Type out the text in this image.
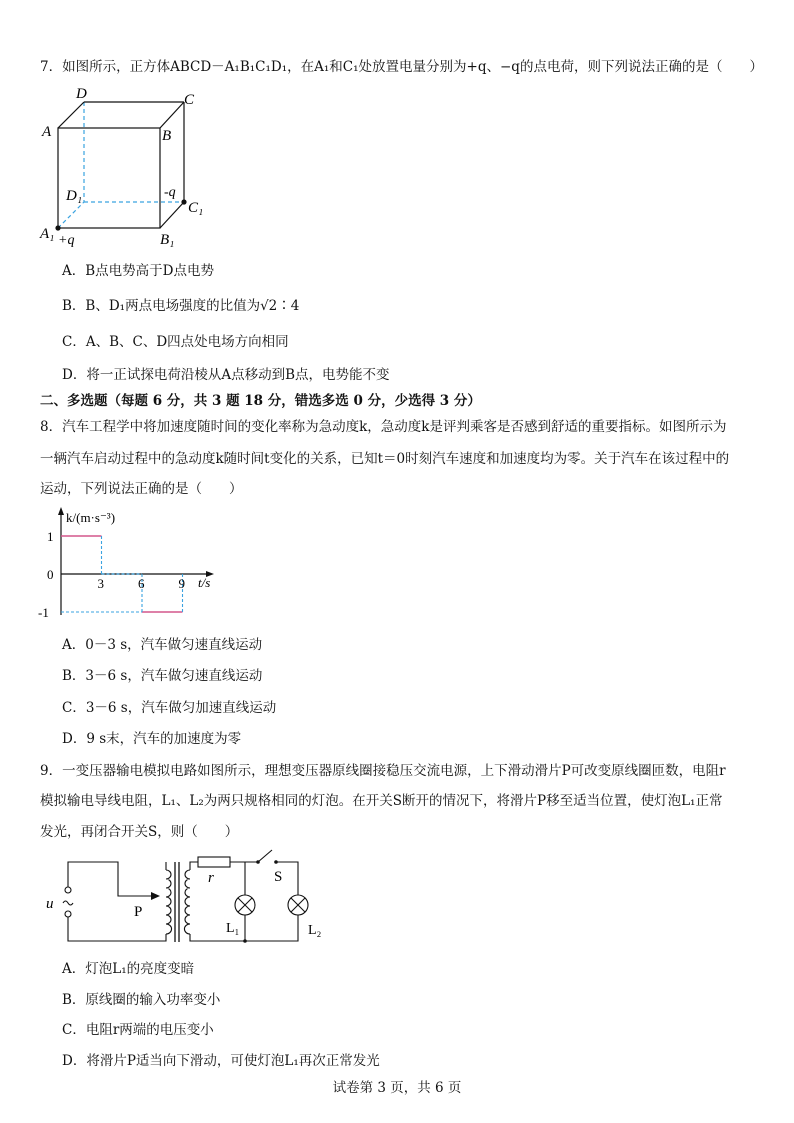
7．如图所示，正方体ABCD－A₁B₁C₁D₁，在A₁和C₁处放置电量分别为+q、−q的点电荷，则下列说法正确的是（　　）
D	C
A	B
D₁	-q
C₁
A₁ +q	B₁
A．B点电势高于D点电势
B．B、D₁两点电场强度的比值为√2∶4
C．A、B、C、D四点处电场方向相同
D．将一正试探电荷沿棱从A点移动到B点，电势能不变
二、多选题（每题 6 分，共 3 题 18 分，错选多选 0 分，少选得 3 分）
8．汽车工程学中将加速度随时间的变化率称为急动度k，急动度k是评判乘客是否感到舒适的重要指标。如图所示为
一辆汽车启动过程中的急动度k随时间t变化的关系，已知t＝0时刻汽车速度和加速度均为零。关于汽车在该过程中的
运动，下列说法正确的是（　　）
k/(m·s⁻³)
t/s
3	6	9
1
0
-1
A．0－3 s，汽车做匀速直线运动
B．3－6 s，汽车做匀速直线运动
C．3－6 s，汽车做匀加速直线运动
D．9 s末，汽车的加速度为零
9．一变压器输电模拟电路如图所示，理想变压器原线圈接稳压交流电源，上下滑动滑片P可改变原线圈匝数，电阻r
模拟输电导线电阻，L₁、L₂为两只规格相同的灯泡。在开关S断开的情况下，将滑片P移至适当位置，使灯泡L₁正常
发光，再闭合开关S，则（　　）
u	P
r	S
L₁	L₂
A．灯泡L₁的亮度变暗
B．原线圈的输入功率变小
C．电阻r两端的电压变小
D．将滑片P适当向下滑动，可使灯泡L₁再次正常发光
试卷第 3 页，共 6 页
